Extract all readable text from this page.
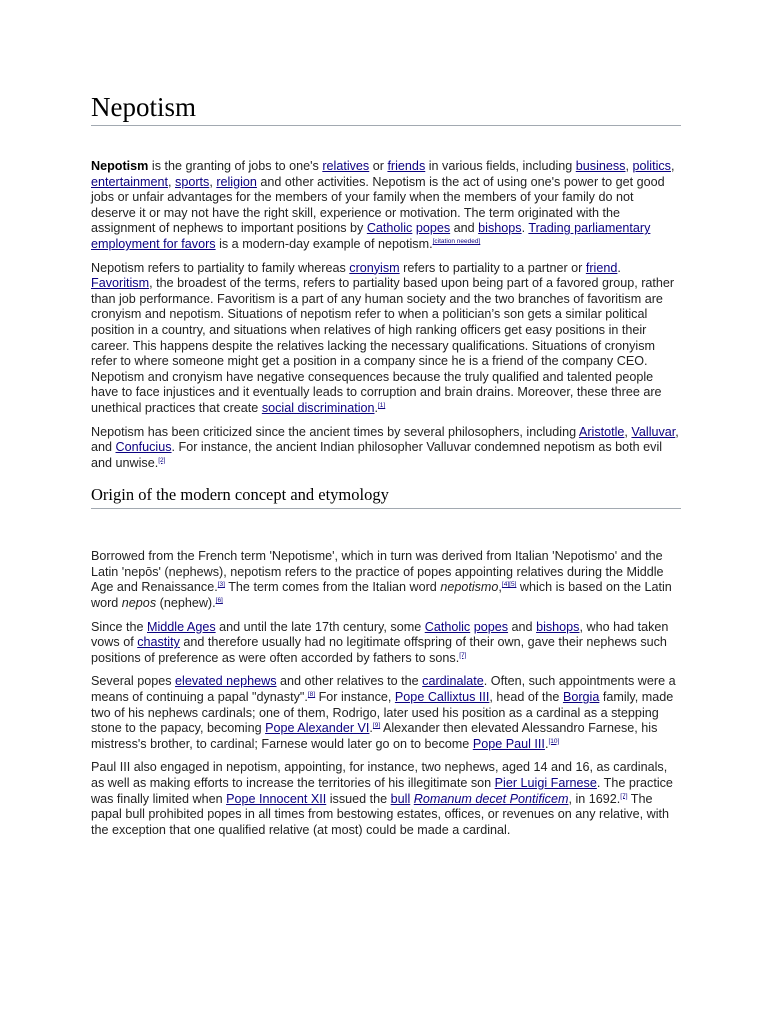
Nepotism

Nepotism is the granting of jobs to one's relatives or friends in various fields, including business, politics, entertainment, sports, religion and other activities. Nepotism is the act of using one's power to get good jobs or unfair advantages for the members of your family when the members of your family do not deserve it or may not have the right skill, experience or motivation. The term originated with the assignment of nephews to important positions by Catholic popes and bishops. Trading parliamentary employment for favors is a modern-day example of nepotism.[citation needed]

Nepotism refers to partiality to family whereas cronyism refers to partiality to a partner or friend. Favoritism, the broadest of the terms, refers to partiality based upon being part of a favored group, rather than job performance. Favoritism is a part of any human society and the two branches of favoritism are cronyism and nepotism. Situations of nepotism refer to when a politician’s son gets a similar political position in a country, and situations when relatives of high ranking officers get easy positions in their career. This happens despite the relatives lacking the necessary qualifications. Situations of cronyism refer to where someone might get a position in a company since he is a friend of the company CEO. Nepotism and cronyism have negative consequences because the truly qualified and talented people have to face injustices and it eventually leads to corruption and brain drains. Moreover, these three are unethical practices that create social discrimination.[1]

Nepotism has been criticized since the ancient times by several philosophers, including Aristotle, Valluvar, and Confucius. For instance, the ancient Indian philosopher Valluvar condemned nepotism as both evil and unwise.[2]

Origin of the modern concept and etymology

Borrowed from the French term 'Nepotisme', which in turn was derived from Italian 'Nepotismo' and the Latin 'nepōs' (nephews), nepotism refers to the practice of popes appointing relatives during the Middle Age and Renaissance.[3] The term comes from the Italian word nepotismo,[4][5] which is based on the Latin word nepos (nephew).[6]

Since the Middle Ages and until the late 17th century, some Catholic popes and bishops, who had taken vows of chastity and therefore usually had no legitimate offspring of their own, gave their nephews such positions of preference as were often accorded by fathers to sons.[7]

Several popes elevated nephews and other relatives to the cardinalate. Often, such appointments were a means of continuing a papal "dynasty".[8] For instance, Pope Callixtus III, head of the Borgia family, made two of his nephews cardinals; one of them, Rodrigo, later used his position as a cardinal as a stepping stone to the papacy, becoming Pope Alexander VI.[9] Alexander then elevated Alessandro Farnese, his mistress's brother, to cardinal; Farnese would later go on to become Pope Paul III.[10]

Paul III also engaged in nepotism, appointing, for instance, two nephews, aged 14 and 16, as cardinals, as well as making efforts to increase the territories of his illegitimate son Pier Luigi Farnese. The practice was finally limited when Pope Innocent XII issued the bull Romanum decet Pontificem, in 1692.[7] The papal bull prohibited popes in all times from bestowing estates, offices, or revenues on any relative, with the exception that one qualified relative (at most) could be made a cardinal.
